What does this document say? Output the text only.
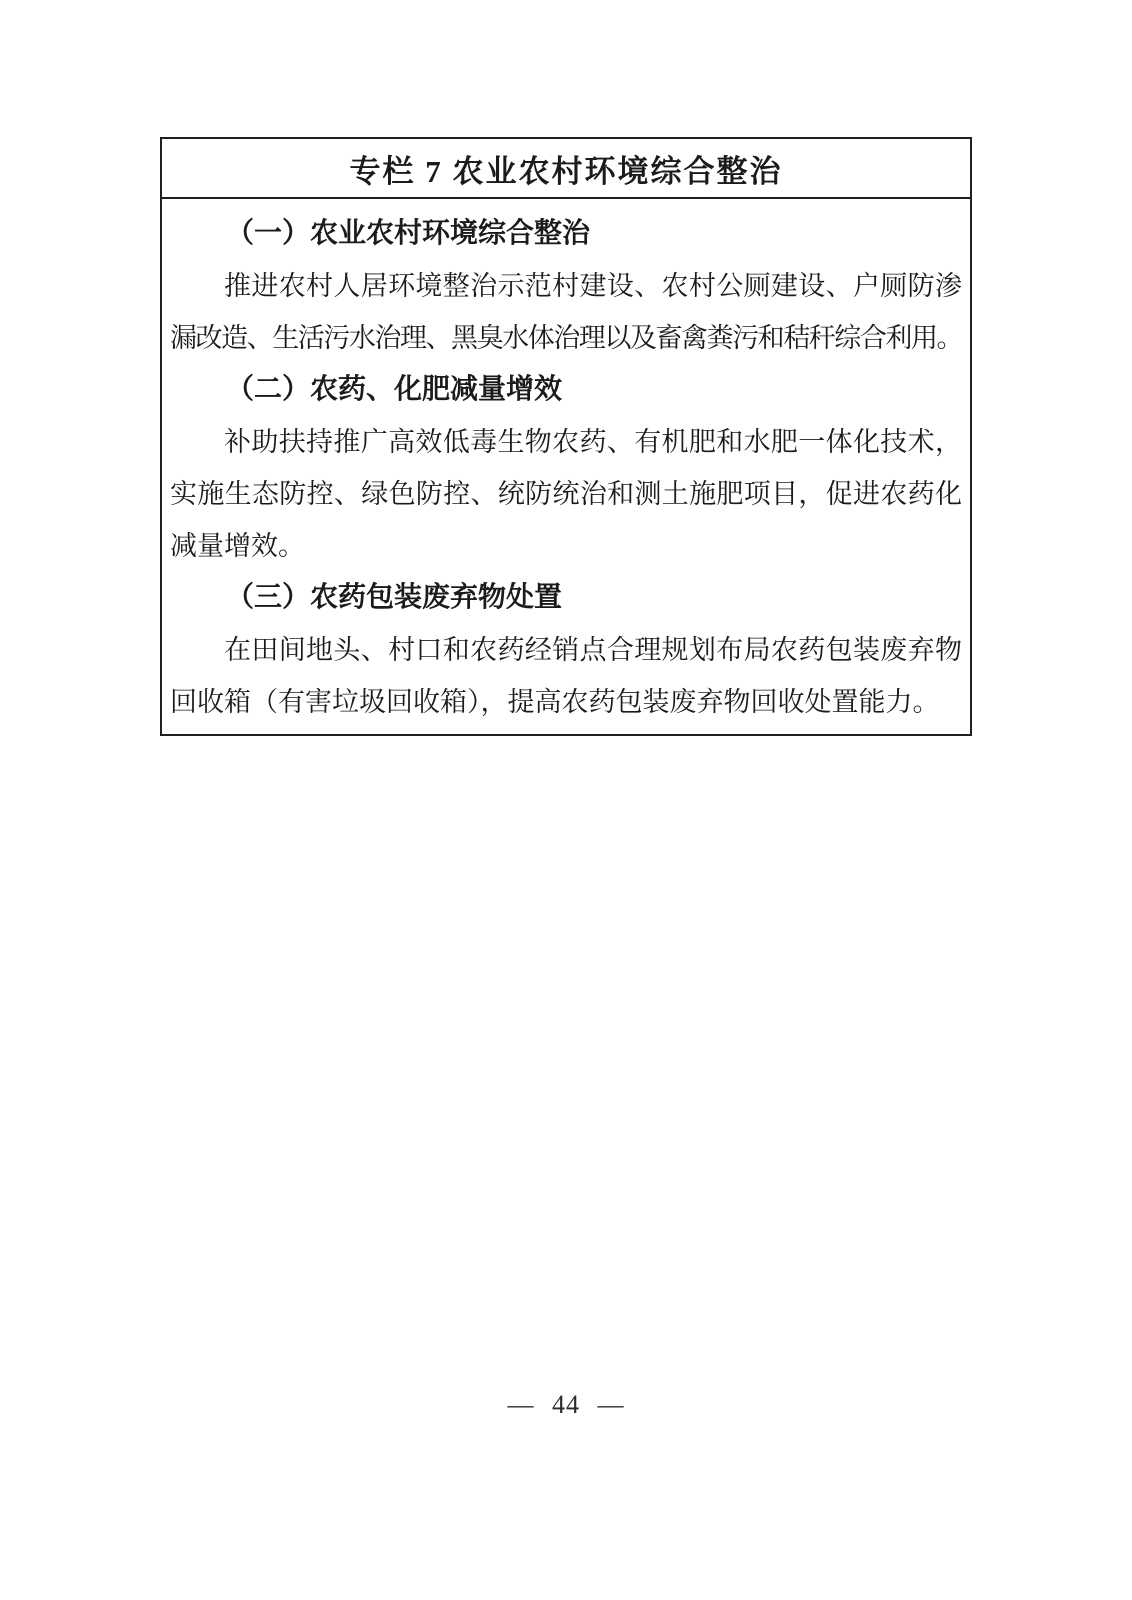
专栏 7 农业农村环境综合整治
（一）农业农村环境综合整治
推进农村人居环境整治示范村建设、农村公厕建设、户厕防渗
漏改造、生活污水治理、黑臭水体治理以及畜禽粪污和秸秆综合利用。
（二）农药、化肥减量增效
补助扶持推广高效低毒生物农药、有机肥和水肥一体化技术，
实施生态防控、绿色防控、统防统治和测土施肥项目，促进农药化
减量增效。
（三）农药包装废弃物处置
在田间地头、村口和农药经销点合理规划布局农药包装废弃物
回收箱（有害垃圾回收箱），提高农药包装废弃物回收处置能力。
— 44 —
